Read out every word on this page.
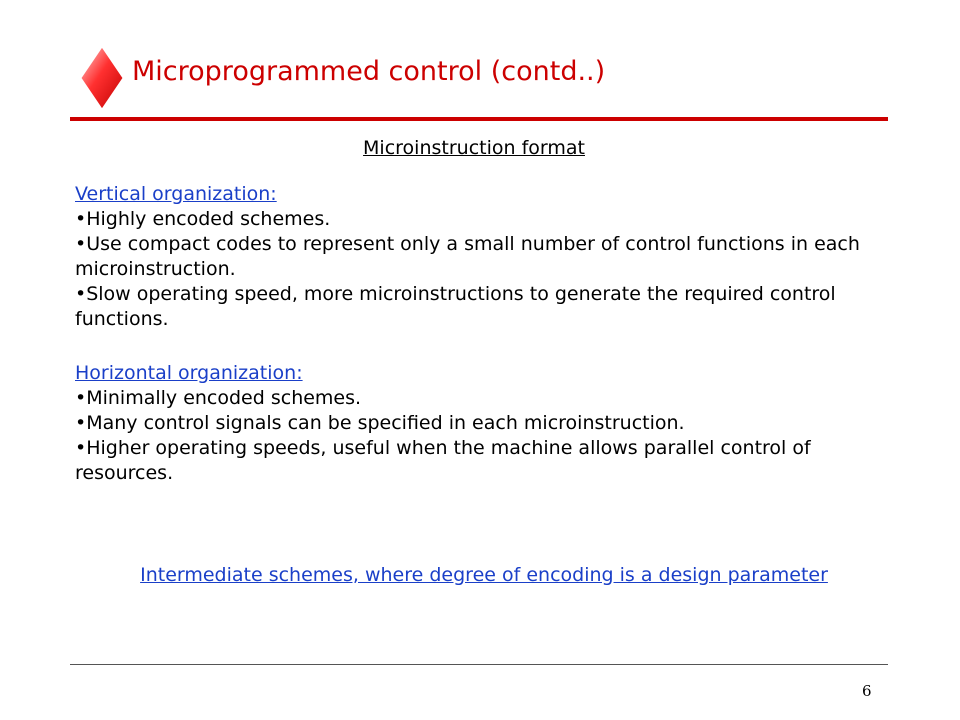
Microprogrammed control (contd..)
Microinstruction format
Vertical organization:
•Highly encoded schemes.
•Use compact codes to represent only a small number of control functions in each microinstruction.
•Slow operating speed, more microinstructions to generate the required control functions.
Horizontal organization:
•Minimally encoded schemes.
•Many control signals can be specified in each microinstruction.
•Higher operating speeds, useful when the machine allows parallel control of resources.
Intermediate schemes, where degree of encoding is a design parameter
6
